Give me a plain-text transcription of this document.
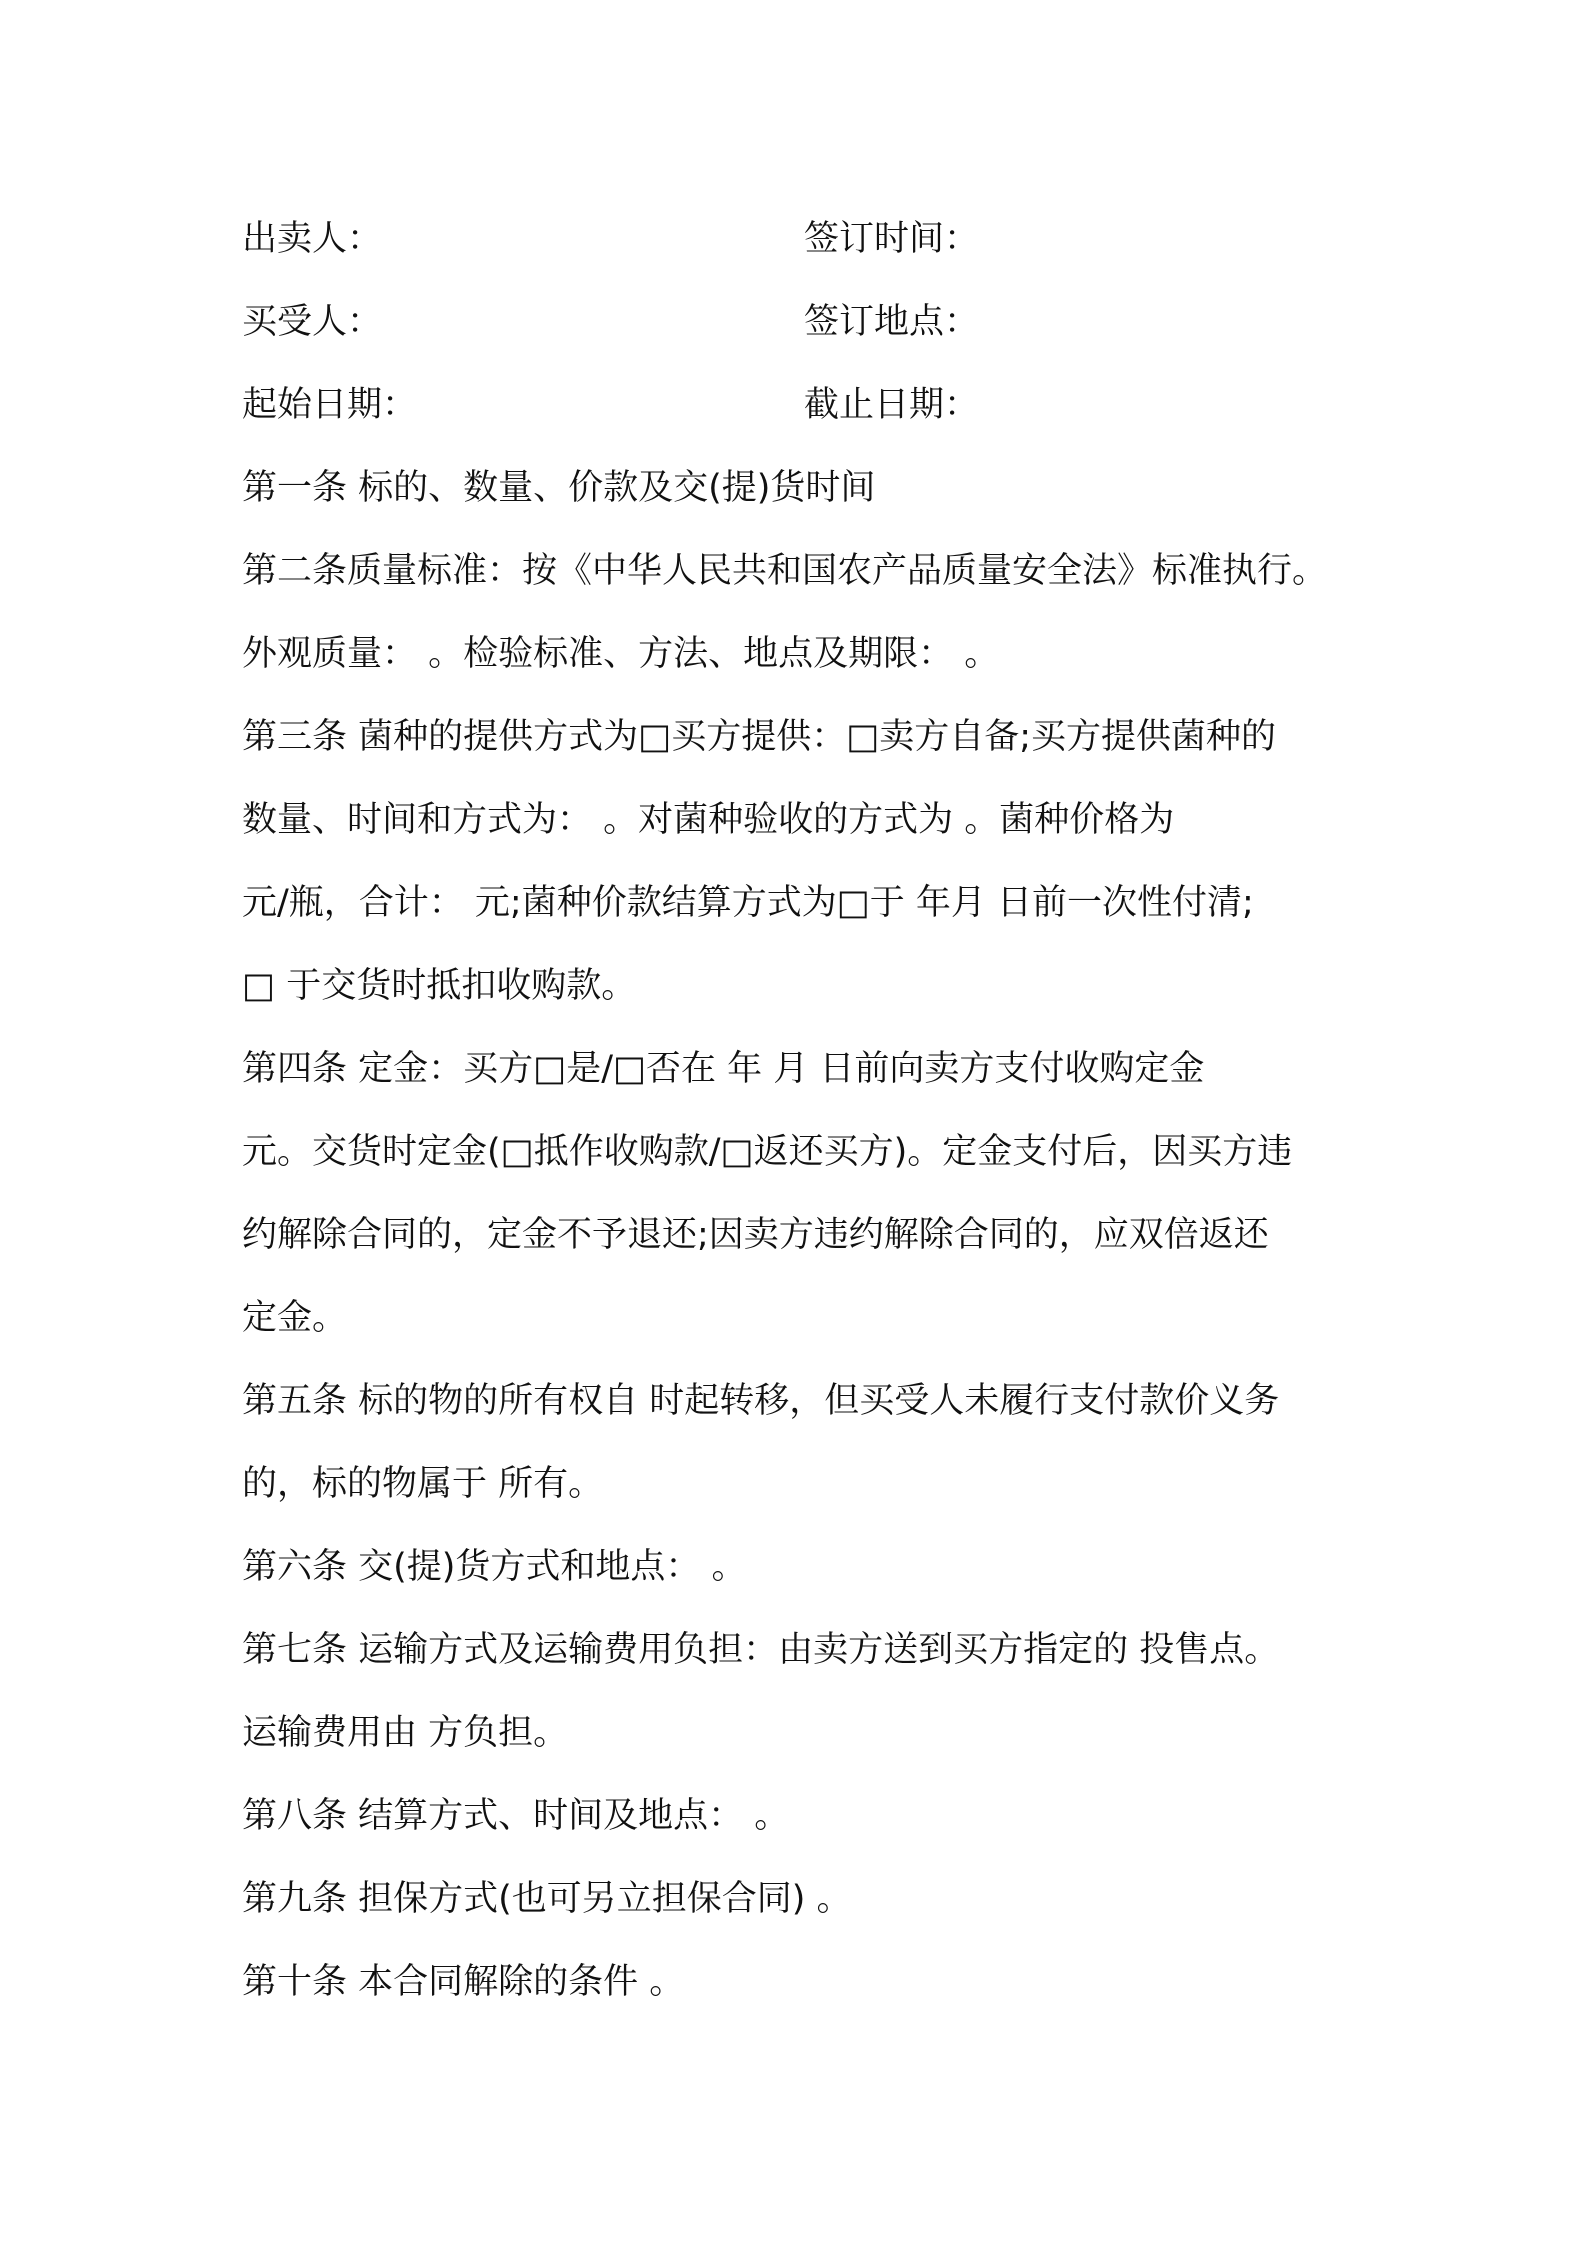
出卖人：	签订时间：
买受人：	签订地点：
起始日期：	截止日期：
第一条 标的、数量、价款及交(提)货时间
第二条质量标准：按《中华人民共和国农产品质量安全法》标准执行。
外观质量： 。检验标准、方法、地点及期限： 。
第三条 菌种的提供方式为□买方提供：□卖方自备;买方提供菌种的
数量、时间和方式为： 。对菌种验收的方式为 。菌种价格为
元/瓶，合计： 元;菌种价款结算方式为□于 年月 日前一次性付清;
□ 于交货时抵扣收购款。
第四条 定金：买方□是/□否在 年 月 日前向卖方支付收购定金
元。交货时定金(□抵作收购款/□返还买方)。定金支付后，因买方违
约解除合同的，定金不予退还;因卖方违约解除合同的，应双倍返还
定金。
第五条 标的物的所有权自 时起转移，但买受人未履行支付款价义务
的，标的物属于 所有。
第六条 交(提)货方式和地点： 。
第七条 运输方式及运输费用负担：由卖方送到买方指定的 投售点。
运输费用由 方负担。
第八条 结算方式、时间及地点： 。
第九条 担保方式(也可另立担保合同) 。
第十条 本合同解除的条件 。
